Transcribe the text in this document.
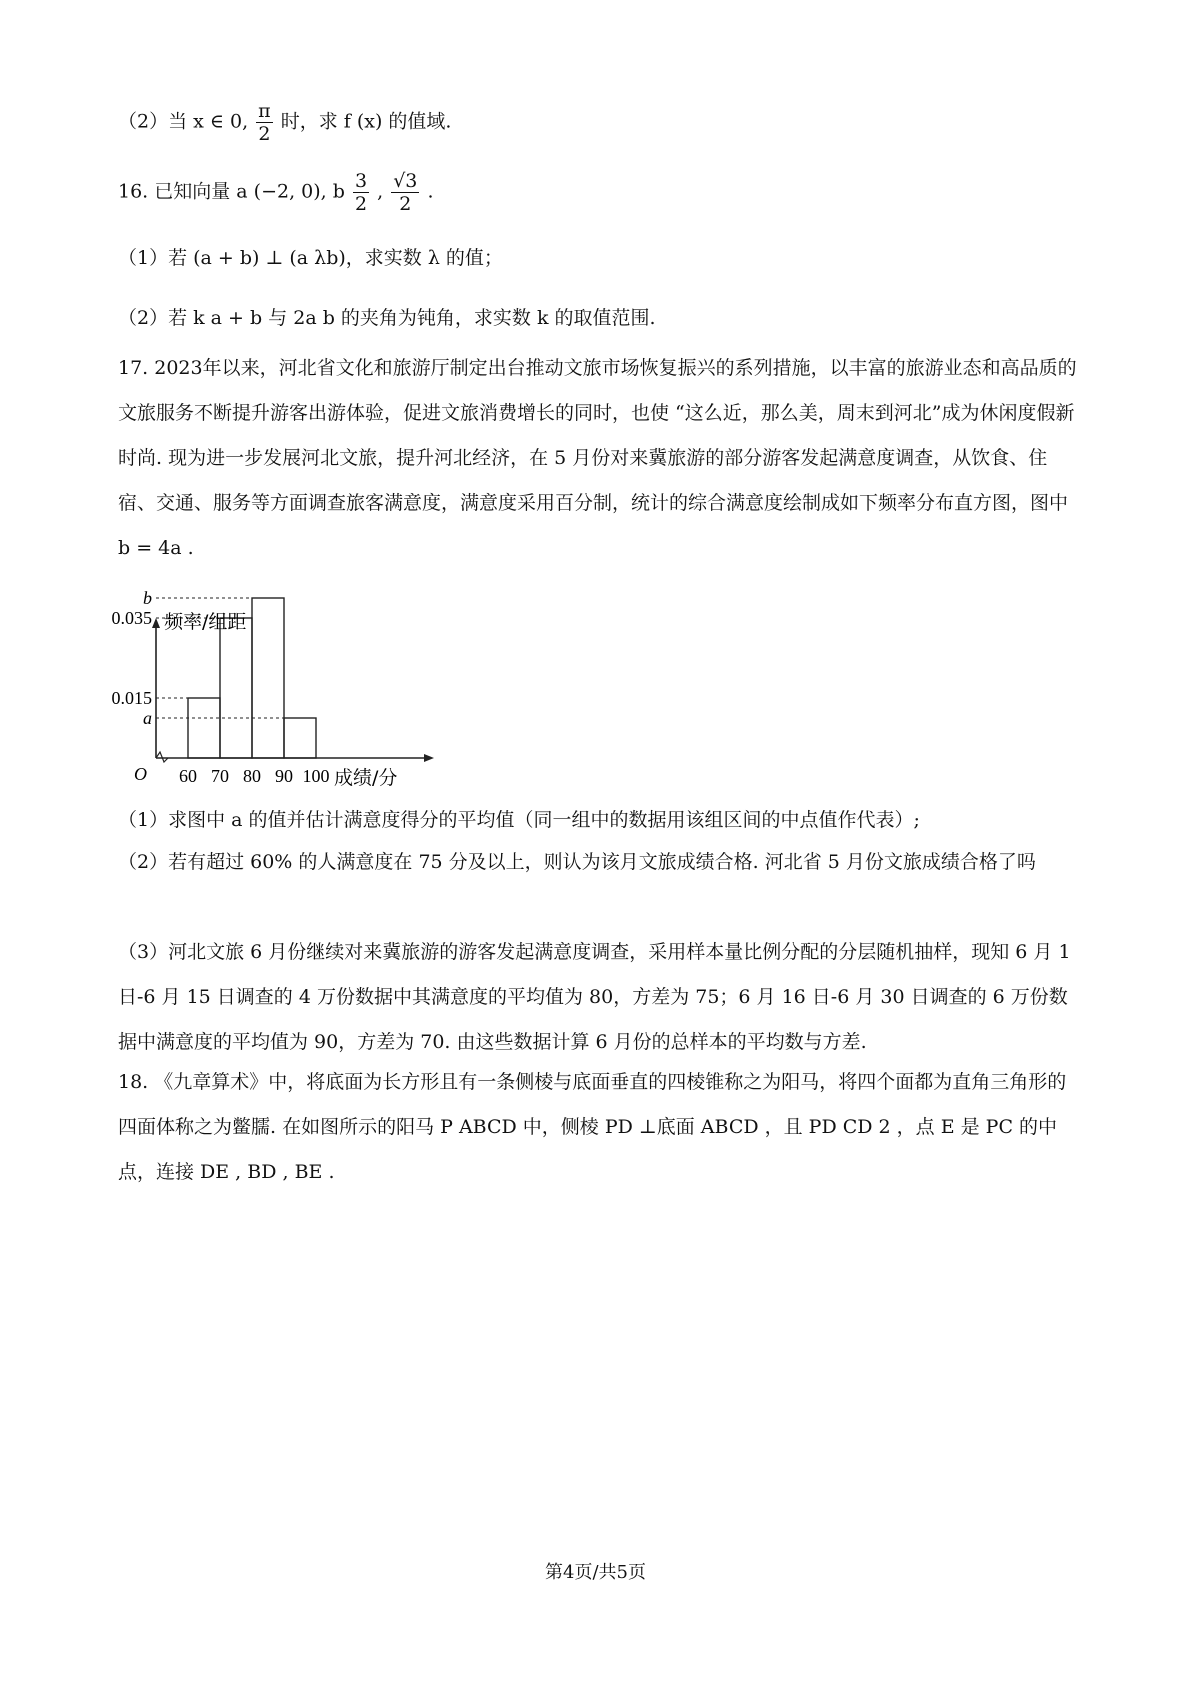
（2）当 x ∈ 0, $\frac{\pi}{2}$ 时，求 f (x) 的值域.
16. 已知向量 a (−2, 0), b $\frac{3}{2}$ , $\frac{√3}{2}$ .
（1）若 (a + b) ⊥ (a λb)，求实数 λ 的值；
（2）若 k a + b 与 2a b 的夹角为钝角，求实数 k 的取值范围.
17. 2023年以来，河北省文化和旅游厅制定出台推动文旅市场恢复振兴的系列措施，以丰富的旅游业态和高品质的文旅服务不断提升游客出游体验，促进文旅消费增长的同时，也使 “这么近，那么美，周末到河北”成为休闲度假新时尚. 现为进一步发展河北文旅，提升河北经济，在 5 月份对来冀旅游的部分游客发起满意度调查，从饮食、住宿、交通、服务等方面调查旅客满意度，满意度采用百分制，统计的综合满意度绘制成如下频率分布直方图，图中 b = 4a .
b
0.035
0.015
a
60 70 80 90 100
O
频率/组距
成绩/分
（1）求图中 a 的值并估计满意度得分的平均值（同一组中的数据用该组区间的中点值作代表）;
（2）若有超过 60% 的人满意度在 75 分及以上，则认为该月文旅成绩合格. 河北省 5 月份文旅成绩合格了吗
（3）河北文旅 6 月份继续对来冀旅游的游客发起满意度调查，采用样本量比例分配的分层随机抽样，现知 6 月 1 日-6 月 15 日调查的 4 万份数据中其满意度的平均值为 80，方差为 75；6 月 16 日-6 月 30 日调查的 6 万份数据中满意度的平均值为 90，方差为 70. 由这些数据计算 6 月份的总样本的平均数与方差.
18. 《九章算术》中，将底面为长方形且有一条侧棱与底面垂直的四棱锥称之为阳马，将四个面都为直角三角形的四面体称之为鳖臑. 在如图所示的阳马 P ABCD 中，侧棱 PD ⊥底面 ABCD ，且 PD CD 2 ，点 E 是 PC 的中点，连接 DE , BD , BE .
第4页/共5页
